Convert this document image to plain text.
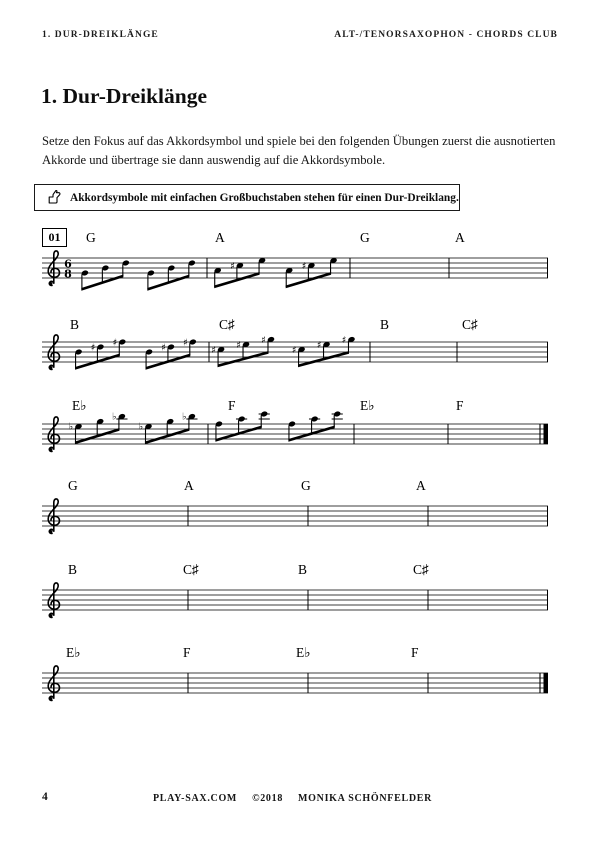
1. DUR-DREIKLÄNGE	ALT-/TENORSAXOPHON - CHORDS CLUB
1. Dur-Dreiklänge

Setze den Fokus auf das Akkordsymbol und spiele bei den folgenden Übungen zuerst die ausnotierten Akkorde und übertrage sie dann auswendig auf die Akkordsymbole.

Akkordsymbole mit einfachen Großbuchstaben stehen für einen Dur-Dreiklang.
01
4	PLAY-SAX.COM ©2018 MONIKA SCHÖNFELDER
G	A	G	A
6
8
♯	♯
B	C♯	B	C♯
♯ ♯	♯ ♯
♯ ♯ ♯
♯ ♯ ♯
E♭	F	E♭	F
♭
♭
♭
♭
G	A	G	A
B	C♯	B	C♯
E♭	F	E♭	F
